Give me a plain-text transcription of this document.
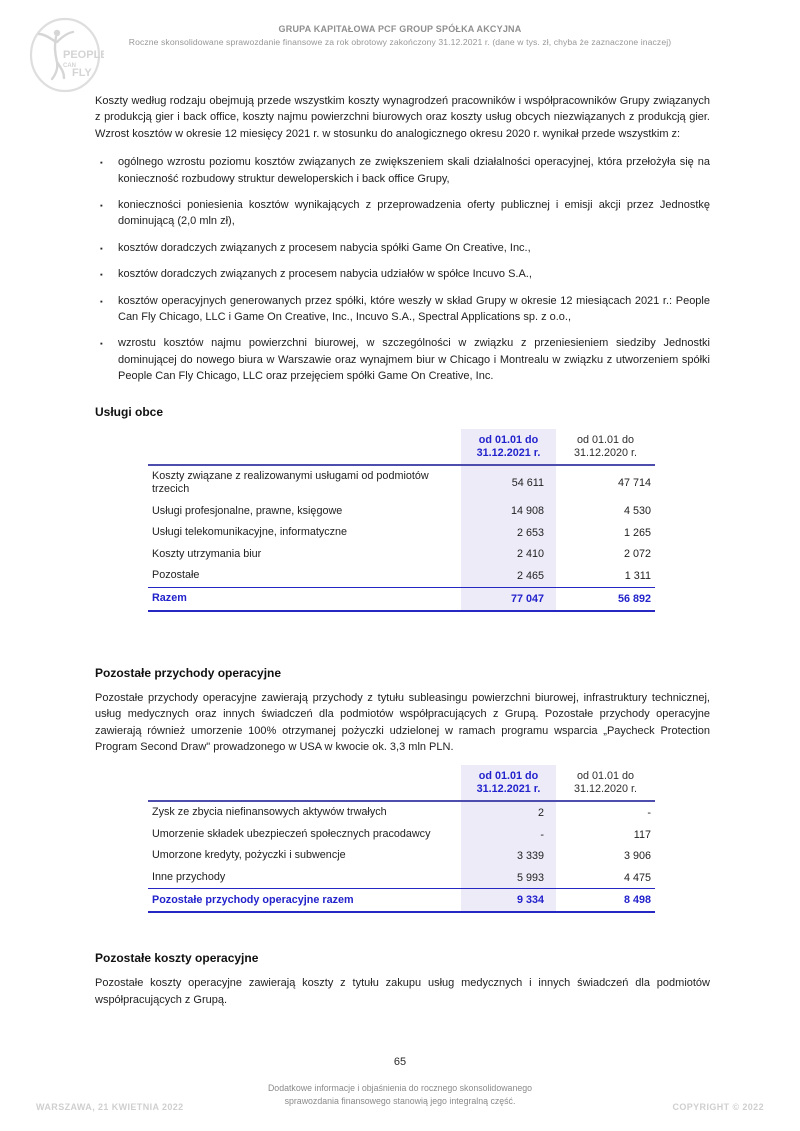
PEOPLE
CAN
FLY
GRUPA KAPITAŁOWA PCF GROUP SPÓŁKA AKCYJNA
Roczne skonsolidowane sprawozdanie finansowe za rok obrotowy zakończony 31.12.2021 r. (dane w tys. zł, chyba że zaznaczone inaczej)

Koszty według rodzaju obejmują przede wszystkim koszty wynagrodzeń pracowników i współpracowników Grupy związanych z produkcją gier i back office, koszty najmu powierzchni biurowych oraz koszty usług obcych niezwiązanych z produkcją gier. Wzrost kosztów w okresie 12 miesięcy 2021 r. w stosunku do analogicznego okresu 2020 r. wynikał przede wszystkim z:

▪	ogólnego wzrostu poziomu kosztów związanych ze zwiększeniem skali działalności operacyjnej, która przełożyła się na konieczność rozbudowy struktur deweloperskich i back office Grupy,
▪	konieczności poniesienia kosztów wynikających z przeprowadzenia oferty publicznej i emisji akcji przez Jednostkę dominującą (2,0 mln zł),
▪	kosztów doradczych związanych z procesem nabycia spółki Game On Creative, Inc.,
▪	kosztów doradczych związanych z procesem nabycia udziałów w spółce Incuvo S.A.,
▪	kosztów operacyjnych generowanych przez spółki, które weszły w skład Grupy w okresie 12 miesiącach 2021 r.: People Can Fly Chicago, LLC i Game On Creative, Inc., Incuvo S.A., Spectral Applications sp. z o.o.,
▪	wzrostu kosztów najmu powierzchni biurowej, w szczególności w związku z przeniesieniem siedziby Jednostki dominującej do nowego biura w Warszawie oraz wynajmem biur w Chicago i Montrealu w związku z utworzeniem spółki People Can Fly Chicago, LLC oraz przejęciem spółki Game On Creative, Inc.
Usługi obce
od 01.01 do
31.12.2021 r.
od 01.01 do
31.12.2020 r.
Koszty związane z realizowanymi usługami od podmiotów trzecich	54 611	47 714
Usługi profesjonalne, prawne, księgowe	14 908	4 530
Usługi telekomunikacyjne, informatyczne	2 653	1 265
Koszty utrzymania biur	2 410	2 072
Pozostałe	2 465	1 311
Razem	77 047	56 892
Pozostałe przychody operacyjne

Pozostałe przychody operacyjne zawierają przychody z tytułu subleasingu powierzchni biurowej, infrastruktury technicznej, usług medycznych oraz innych świadczeń dla podmiotów współpracujących z Grupą. Pozostałe przychody operacyjne zawierają również umorzenie 100% otrzymanej pożyczki udzielonej w ramach programu wsparcia „Paycheck Protection Program Second Draw" prowadzonego w USA w kwocie ok. 3,3 mln PLN.

od 01.01 do
31.12.2021 r.
od 01.01 do
31.12.2020 r.
Zysk ze zbycia niefinansowych aktywów trwałych	2	-
Umorzenie składek ubezpieczeń społecznych pracodawcy	-	117
Umorzone kredyty, pożyczki i subwencje	3 339	3 906
Inne przychody	5 993	4 475
Pozostałe przychody operacyjne razem	9 334	8 498
Pozostałe koszty operacyjne

Pozostałe koszty operacyjne zawierają koszty z tytułu zakupu usług medycznych i innych świadczeń dla podmiotów współpracujących z Grupą.

65
Dodatkowe informacje i objaśnienia do rocznego skonsolidowanego
sprawozdania finansowego stanowią jego integralną część.
WARSZAWA, 21 KWIETNIA 2022	COPYRIGHT © 2022
